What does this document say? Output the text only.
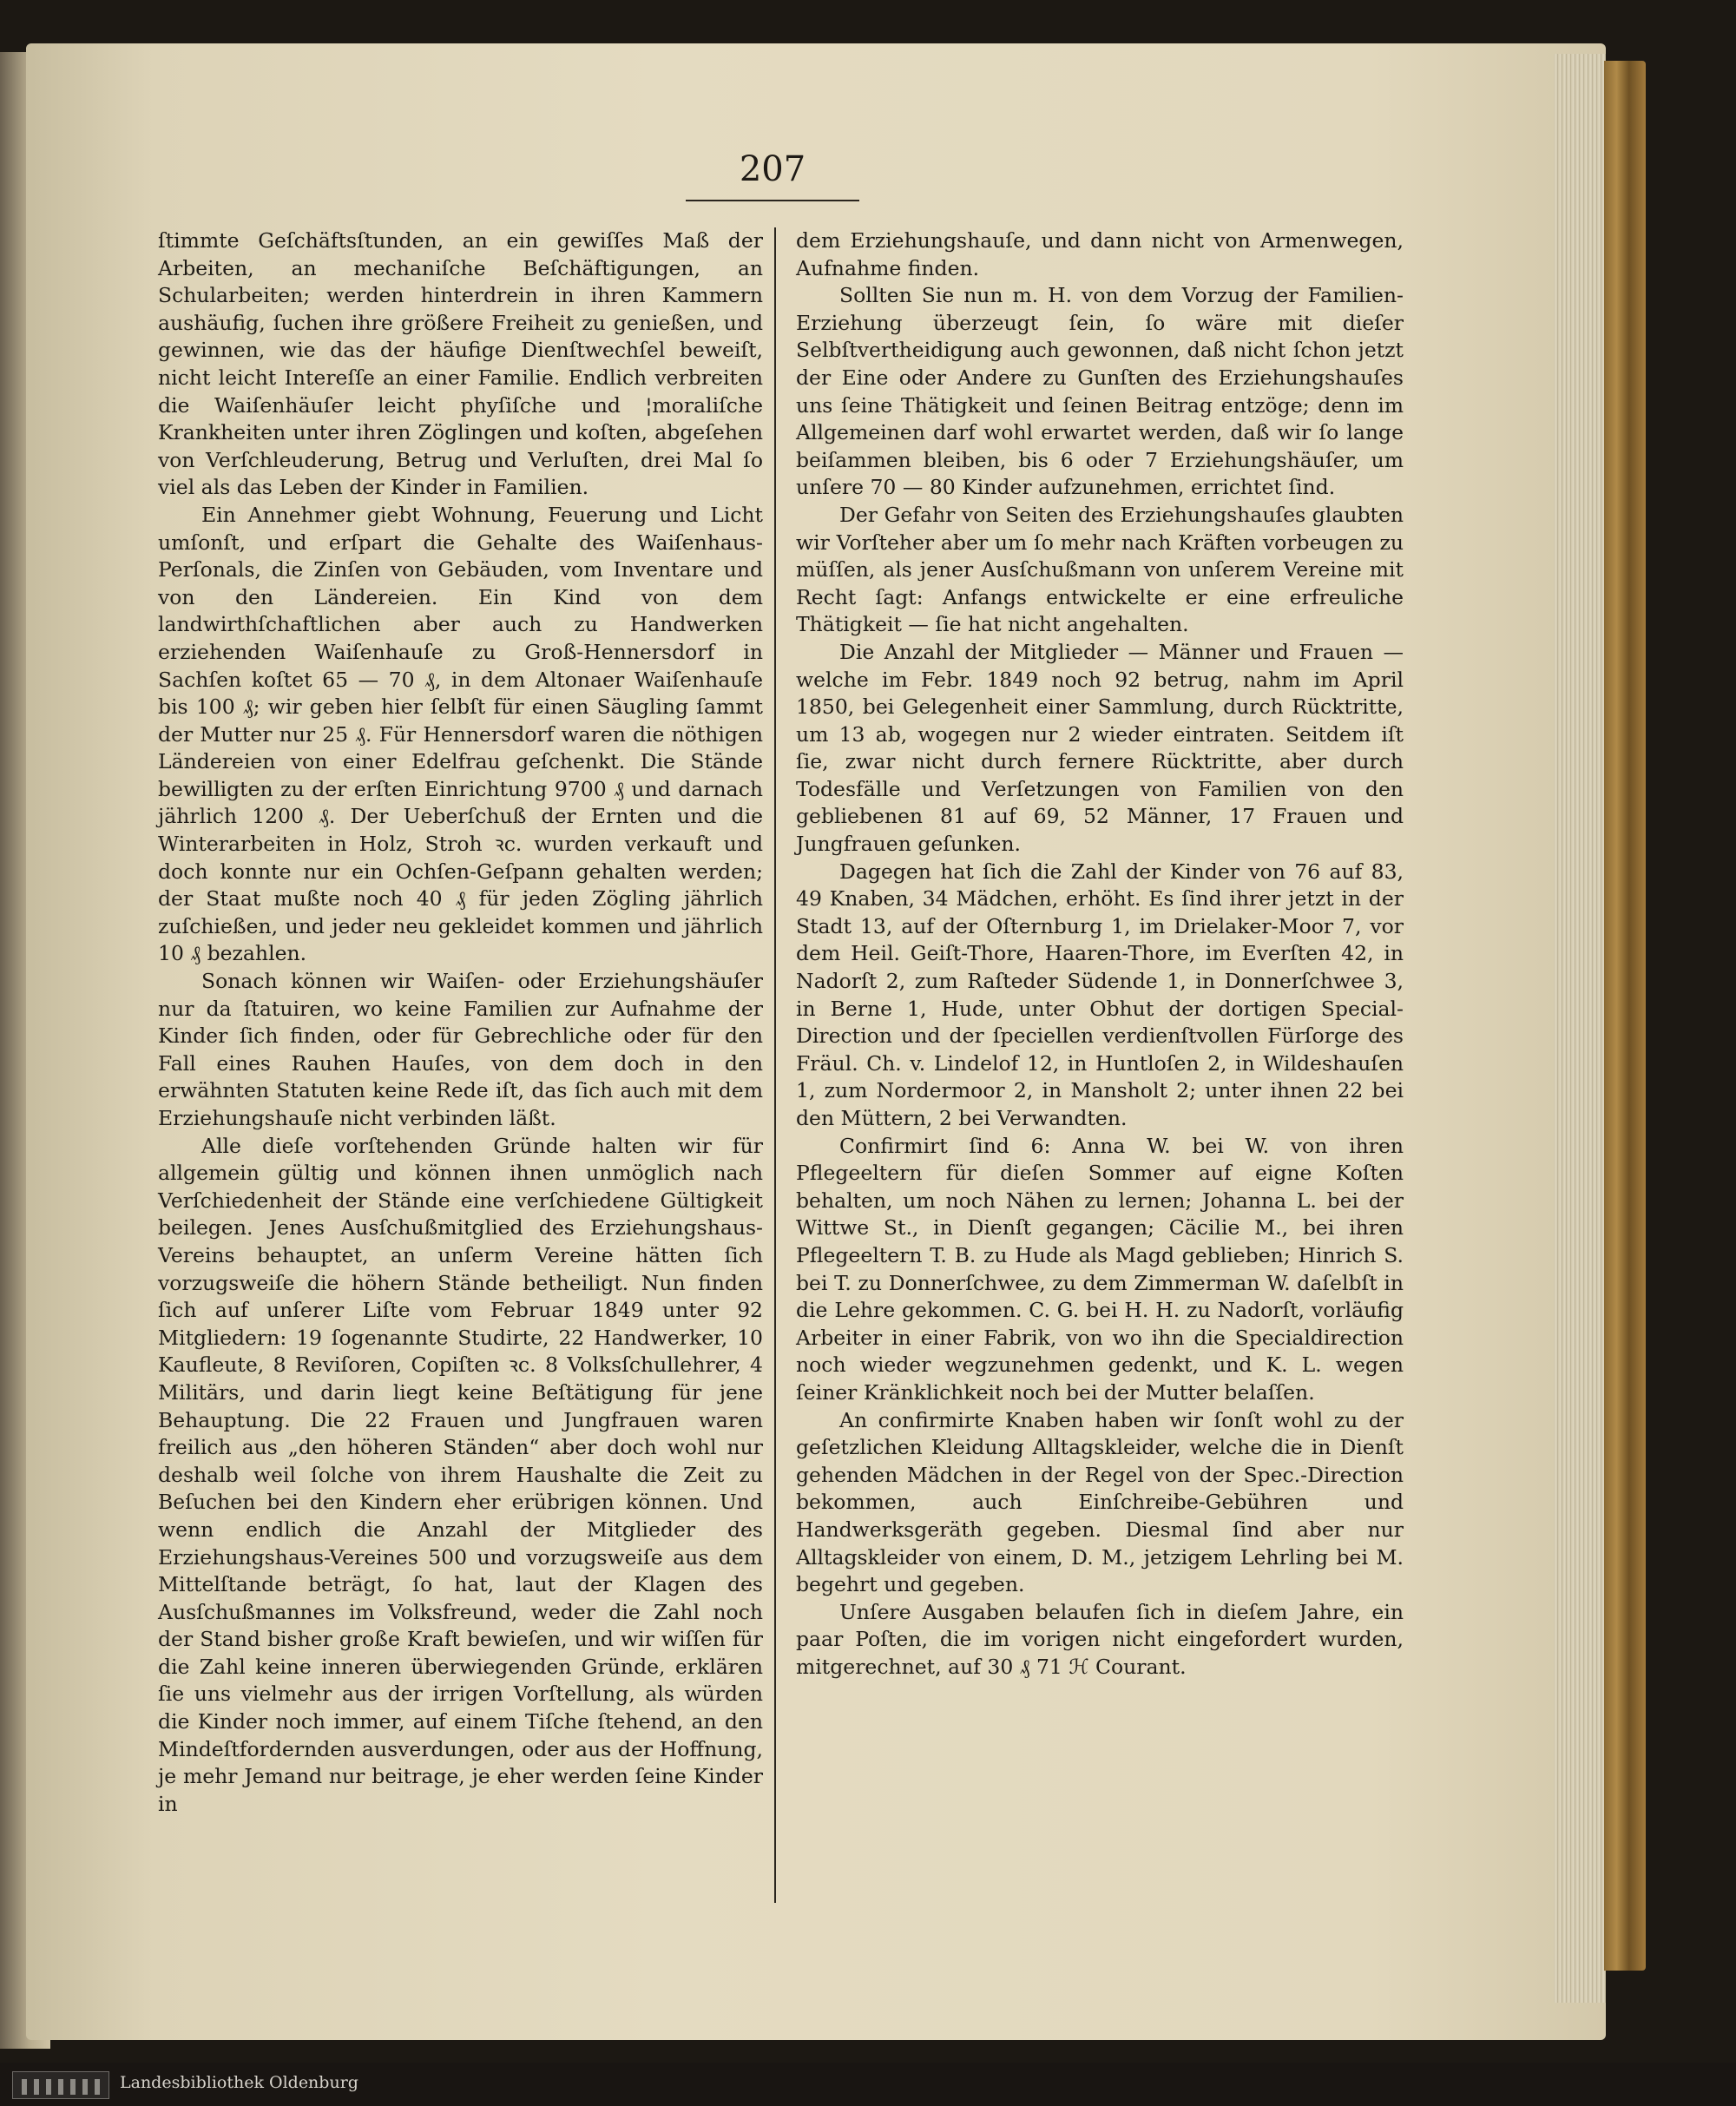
207

ſtimmte Geſchäftsſtunden, an ein gewiſſes Maß der Arbeiten, an mechaniſche Beſchäftigungen, an Schularbeiten; werden hinterdrein in ihren Kammern aushäufig, ſuchen ihre größere Freiheit zu genießen, und gewinnen, wie das der häufige Dienſtwechſel beweiſt, nicht leicht Intereſſe an einer Familie. Endlich verbreiten die Waiſenhäuſer leicht phyſiſche und ¦moraliſche Krankheiten unter ihren Zöglingen und koſten, abgeſehen von Verſchleuderung, Betrug und Verluſten, drei Mal ſo viel als das Leben der Kinder in Familien.

Ein Annehmer giebt Wohnung, Feuerung und Licht umſonſt, und erſpart die Gehalte des Waiſenhaus-Perſonals, die Zinſen von Gebäuden, vom Inventare und von den Ländereien. Ein Kind von dem landwirthſchaftlichen aber auch zu Handwerken erziehenden Waiſenhauſe zu Groß-Hennersdorf in Sachſen koſtet 65 — 70 ₰, in dem Altonaer Waiſenhauſe bis 100 ₰; wir geben hier ſelbſt für einen Säugling ſammt der Mutter nur 25 ₰. Für Hennersdorf waren die nöthigen Ländereien von einer Edelfrau geſchenkt. Die Stände bewilligten zu der erſten Einrichtung 9700 ₰ und darnach jährlich 1200 ₰. Der Ueberſchuß der Ernten und die Winterarbeiten in Holz, Stroh ꝛc. wurden verkauft und doch konnte nur ein Ochſen-Geſpann gehalten werden; der Staat mußte noch 40 ₰ für jeden Zögling jährlich zuſchießen, und jeder neu gekleidet kommen und jährlich 10 ₰ bezahlen.

Sonach können wir Waiſen- oder Erziehungshäuſer nur da ſtatuiren, wo keine Familien zur Aufnahme der Kinder ſich finden, oder für Gebrechliche oder für den Fall eines Rauhen Hauſes, von dem doch in den erwähnten Statuten keine Rede iſt, das ſich auch mit dem Erziehungshauſe nicht verbinden läßt.

Alle dieſe vorſtehenden Gründe halten wir für allgemein gültig und können ihnen unmöglich nach Verſchiedenheit der Stände eine verſchiedene Gültigkeit beilegen. Jenes Ausſchußmitglied des Erziehungshaus-Vereins behauptet, an unſerm Vereine hätten ſich vorzugsweiſe die höhern Stände betheiligt. Nun finden ſich auf unſerer Liſte vom Februar 1849 unter 92 Mitgliedern: 19 ſogenannte Studirte, 22 Handwerker, 10 Kaufleute, 8 Reviſoren, Copiſten ꝛc. 8 Volksſchullehrer, 4 Militärs, und darin liegt keine Beſtätigung für jene Behauptung. Die 22 Frauen und Jungfrauen waren freilich aus „den höheren Ständen“ aber doch wohl nur deshalb weil ſolche von ihrem Haushalte die Zeit zu Beſuchen bei den Kindern eher erübrigen können. Und wenn endlich die Anzahl der Mitglieder des Erziehungshaus-Vereines 500 und vorzugsweiſe aus dem Mittelſtande beträgt, ſo hat, laut der Klagen des Ausſchußmannes im Volksfreund, weder die Zahl noch der Stand bisher große Kraft bewieſen, und wir wiſſen für die Zahl keine inneren überwiegenden Gründe, erklären ſie uns vielmehr aus der irrigen Vorſtellung, als würden die Kinder noch immer, auf einem Tiſche ſtehend, an den Mindeſtfordernden ausverdungen, oder aus der Hoffnung, je mehr Jemand nur beitrage, je eher werden ſeine Kinder in

dem Erziehungshauſe, und dann nicht von Armenwegen, Aufnahme finden.

Sollten Sie nun m. H. von dem Vorzug der Familien-Erziehung überzeugt ſein, ſo wäre mit dieſer Selbſtvertheidigung auch gewonnen, daß nicht ſchon jetzt der Eine oder Andere zu Gunſten des Erziehungshauſes uns ſeine Thätigkeit und ſeinen Beitrag entzöge; denn im Allgemeinen darf wohl erwartet werden, daß wir ſo lange beiſammen bleiben, bis 6 oder 7 Erziehungshäuſer, um unſere 70 — 80 Kinder aufzunehmen, errichtet ſind.

Der Gefahr von Seiten des Erziehungshauſes glaubten wir Vorſteher aber um ſo mehr nach Kräften vorbeugen zu müſſen, als jener Ausſchußmann von unſerem Vereine mit Recht ſagt: Anfangs entwickelte er eine erfreuliche Thätigkeit — ſie hat nicht angehalten.

Die Anzahl der Mitglieder — Männer und Frauen — welche im Febr. 1849 noch 92 betrug, nahm im April 1850, bei Gelegenheit einer Sammlung, durch Rücktritte, um 13 ab, wogegen nur 2 wieder eintraten. Seitdem iſt ſie, zwar nicht durch fernere Rücktritte, aber durch Todesfälle und Verſetzungen von Familien von den gebliebenen 81 auf 69, 52 Männer, 17 Frauen und Jungfrauen geſunken.

Dagegen hat ſich die Zahl der Kinder von 76 auf 83, 49 Knaben, 34 Mädchen, erhöht. Es ſind ihrer jetzt in der Stadt 13, auf der Oſternburg 1, im Drielaker-Moor 7, vor dem Heil. Geiſt-Thore, Haaren-Thore, im Everſten 42, in Nadorſt 2, zum Raſteder Südende 1, in Donnerſchwee 3, in Berne 1, Hude, unter Obhut der dortigen Special-Direction und der ſpeciellen verdienſtvollen Fürſorge des Fräul. Ch. v. Lindelof 12, in Huntloſen 2, in Wildeshauſen 1, zum Nordermoor 2, in Mansholt 2; unter ihnen 22 bei den Müttern, 2 bei Verwandten.

Confirmirt ſind 6: Anna W. bei W. von ihren Pflegeeltern für dieſen Sommer auf eigne Koſten behalten, um noch Nähen zu lernen; Johanna L. bei der Wittwe St., in Dienſt gegangen; Cäcilie M., bei ihren Pflegeeltern T. B. zu Hude als Magd geblieben; Hinrich S. bei T. zu Donnerſchwee, zu dem Zimmerman W. daſelbſt in die Lehre gekommen. C. G. bei H. H. zu Nadorſt, vorläufig Arbeiter in einer Fabrik, von wo ihn die Specialdirection noch wieder wegzunehmen gedenkt, und K. L. wegen ſeiner Kränklichkeit noch bei der Mutter belaſſen.

An confirmirte Knaben haben wir ſonſt wohl zu der geſetzlichen Kleidung Alltagskleider, welche die in Dienſt gehenden Mädchen in der Regel von der Spec.-Direction bekommen, auch Einſchreibe-Gebühren und Handwerksgeräth gegeben. Diesmal ſind aber nur Alltagskleider von einem, D. M., jetzigem Lehrling bei M. begehrt und gegeben.

Unſere Ausgaben belaufen ſich in dieſem Jahre, ein paar Poſten, die im vorigen nicht eingefordert wurden, mitgerechnet, auf 30 ₰ 71 ℋ Courant.

Landesbibliothek Oldenburg
